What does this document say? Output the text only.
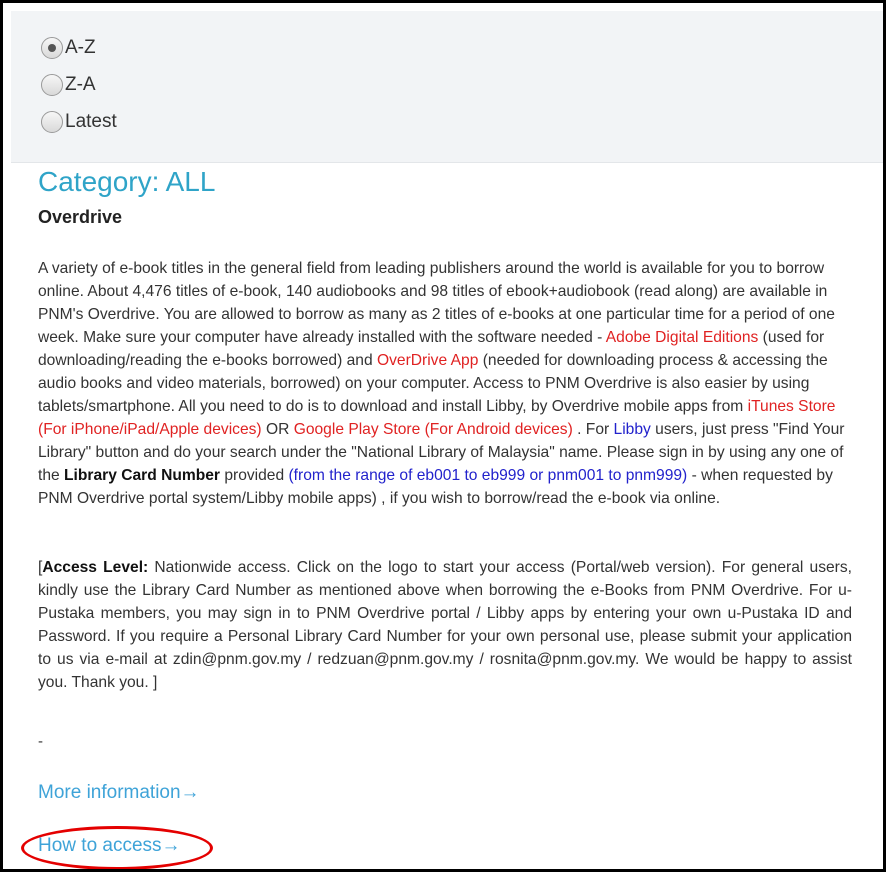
A-Z
Z-A
Latest
Category: ALL
Overdrive
A variety of e-book titles in the general field from leading publishers around the world is available for you to borrow online. About 4,476 titles of e-book, 140 audiobooks and 98 titles of ebook+audiobook (read along) are available in PNM's Overdrive. You are allowed to borrow as many as 2 titles of e-books at one particular time for a period of one week. Make sure your computer have already installed with the software needed - Adobe Digital Editions (used for downloading/reading the e-books borrowed) and OverDrive App (needed for downloading process & accessing the audio books and video materials, borrowed) on your computer. Access to PNM Overdrive is also easier by using tablets/smartphone. All you need to do is to download and install Libby, by Overdrive mobile apps from iTunes Store (For iPhone/iPad/Apple devices) OR Google Play Store (For Android devices) . For Libby users, just press "Find Your Library" button and do your search under the "National Library of Malaysia" name. Please sign in by using any one of the Library Card Number provided (from the range of eb001 to eb999 or pnm001 to pnm999) - when requested by PNM Overdrive portal system/Libby mobile apps) , if you wish to borrow/read the e-book via online.
[Access Level: Nationwide access. Click on the logo to start your access (Portal/web version). For general users, kindly use the Library Card Number as mentioned above when borrowing the e-Books from PNM Overdrive. For u-Pustaka members, you may sign in to PNM Overdrive portal / Libby apps by entering your own u-Pustaka ID and Password. If you require a Personal Library Card Number for your own personal use, please submit your application to us via e-mail at zdin@pnm.gov.my / redzuan@pnm.gov.my / rosnita@pnm.gov.my. We would be happy to assist you. Thank you. ]
-
More information→
How to access→
